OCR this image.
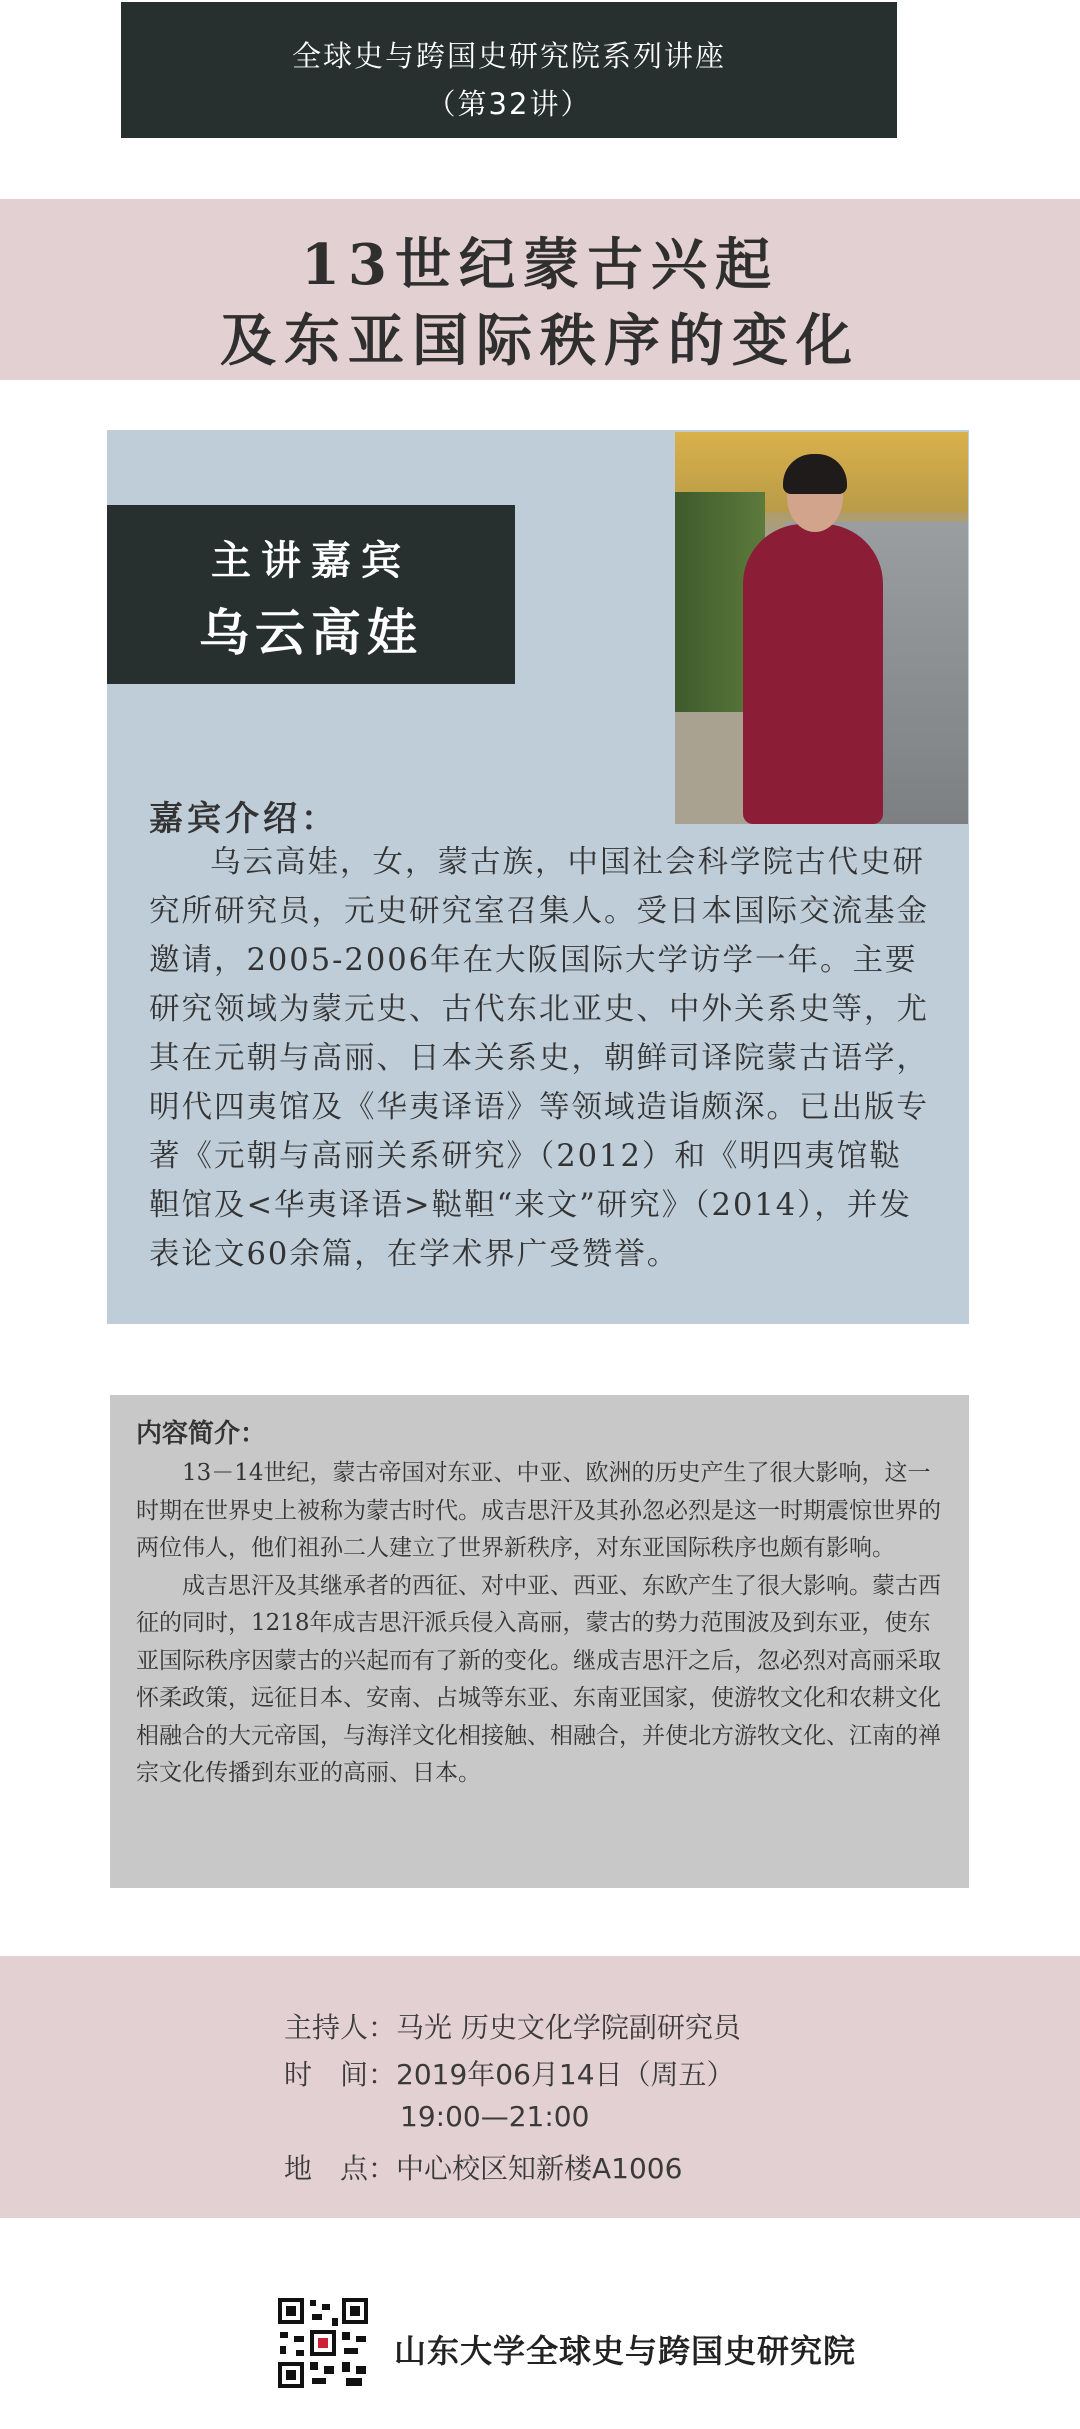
全球史与跨国史研究院系列讲座
（第32讲）
13世纪蒙古兴起
及东亚国际秩序的变化
主讲嘉宾
乌云高娃
嘉宾介绍：

乌云高娃，女，蒙古族，中国社会科学院古代史研究所研究员，元史研究室召集人。受日本国际交流基金邀请，2005-2006年在大阪国际大学访学一年。主要研究领域为蒙元史、古代东北亚史、中外关系史等，尤其在元朝与高丽、日本关系史，朝鲜司译院蒙古语学，明代四夷馆及《华夷译语》等领域造诣颇深。已出版专著《元朝与高丽关系研究》（2012）和《明四夷馆鞑靼馆及<华夷译语>鞑靼“来文”研究》（2014），并发表论文60余篇，在学术界广受赞誉。

内容简介：

13－14世纪，蒙古帝国对东亚、中亚、欧洲的历史产生了很大影响，这一时期在世界史上被称为蒙古时代。成吉思汗及其孙忽必烈是这一时期震惊世界的两位伟人，他们祖孙二人建立了世界新秩序，对东亚国际秩序也颇有影响。

成吉思汗及其继承者的西征、对中亚、西亚、东欧产生了很大影响。蒙古西征的同时，1218年成吉思汗派兵侵入高丽，蒙古的势力范围波及到东亚，使东亚国际秩序因蒙古的兴起而有了新的变化。继成吉思汗之后，忽必烈对高丽采取怀柔政策，远征日本、安南、占城等东亚、东南亚国家，使游牧文化和农耕文化相融合的大元帝国，与海洋文化相接触、相融合，并使北方游牧文化、江南的禅宗文化传播到东亚的高丽、日本。

主持人：马光 历史文化学院副研究员
时　间：2019年06月14日（周五）
19:00—21:00
地　点：中心校区知新楼A1006
山东大学全球史与跨国史研究院
